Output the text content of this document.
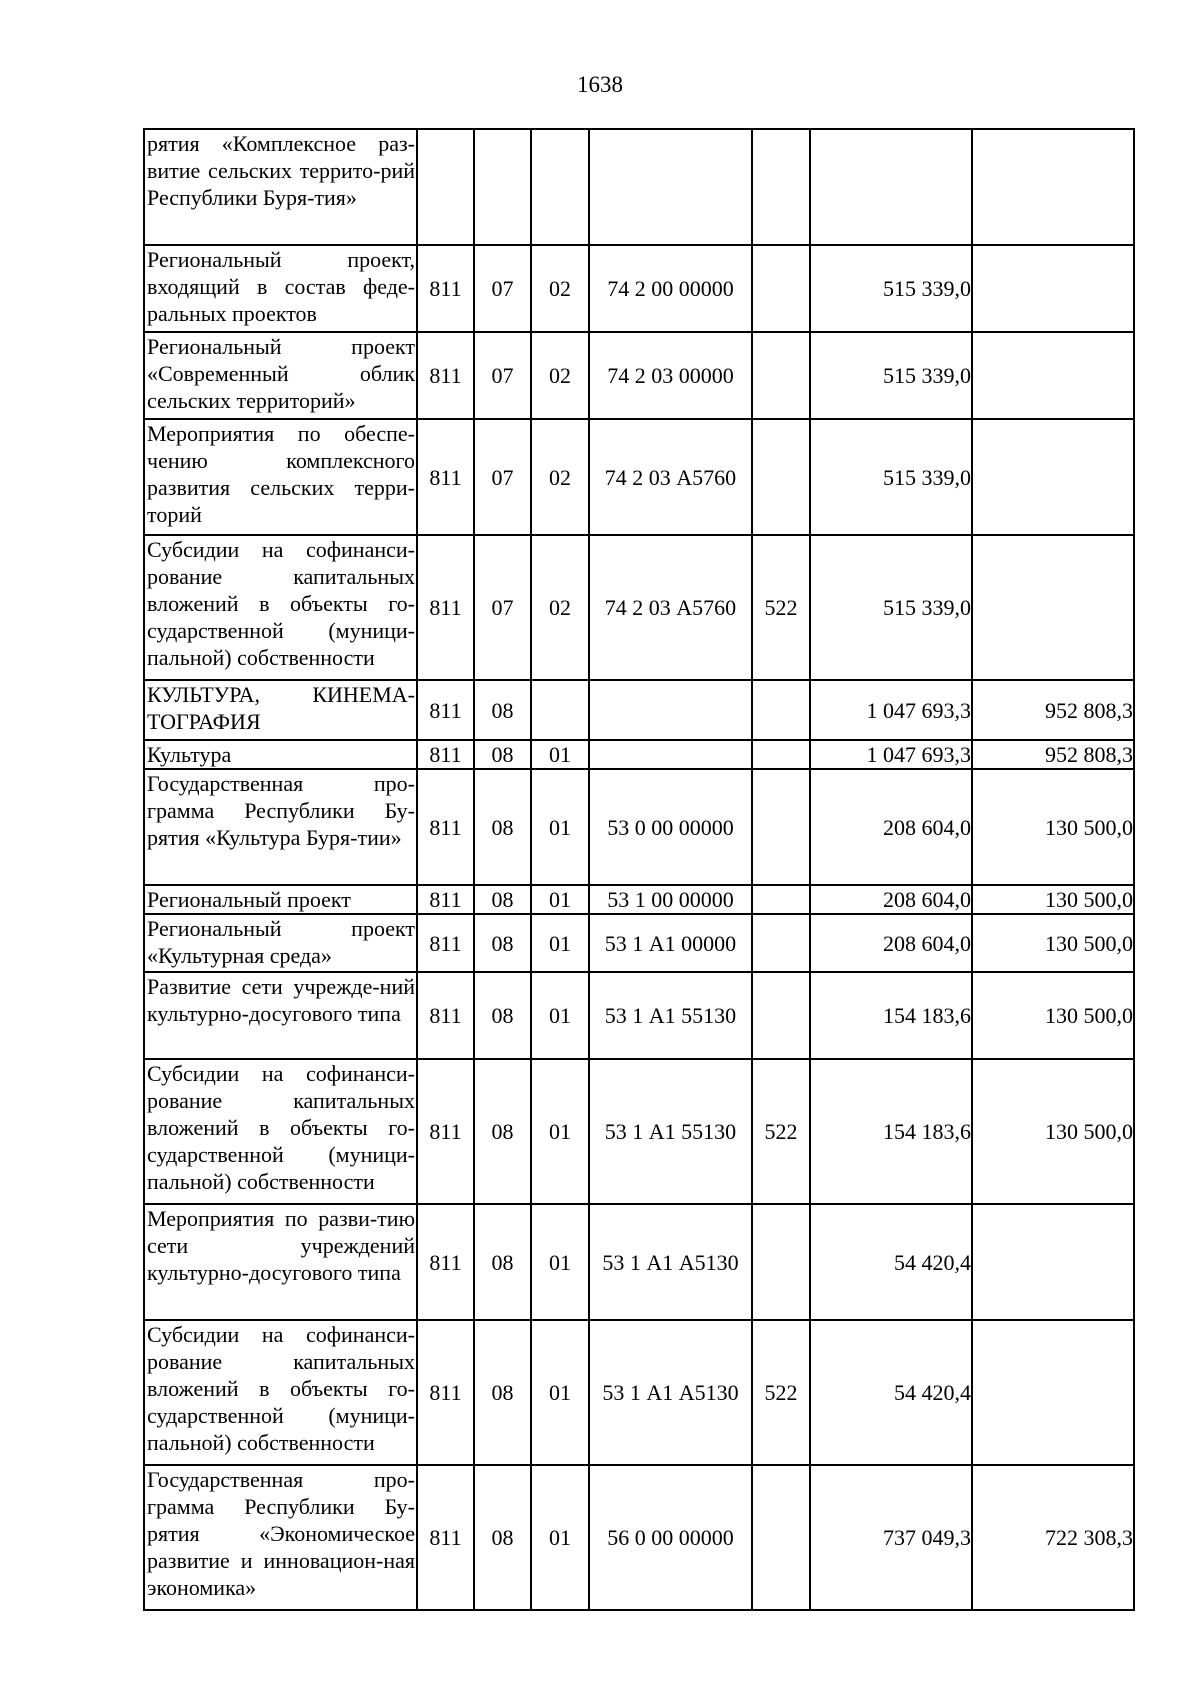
1638
рятия «Комплексное раз-витие сельских террито-рий Республики Буря-тия»							
Региональный проект, входящий в состав феде-ральных проектов	811	07	02	74 2 00 00000		515 339,0	
Региональный проект «Современный облик сельских территорий»	811	07	02	74 2 03 00000		515 339,0	
Мероприятия по обеспе-чению комплексного развития сельских терри-торий	811	07	02	74 2 03 А5760		515 339,0	
Субсидии на софинанси-рование капитальных вложений в объекты го-сударственной (муници-пальной) собственности	811	07	02	74 2 03 А5760	522	515 339,0	
КУЛЬТУРА, КИНЕМА-ТОГРАФИЯ	811	08				1 047 693,3	952 808,3
Культура	811	08	01			1 047 693,3	952 808,3
Государственная про-грамма Республики Бу-рятия «Культура Буря-тии»	811	08	01	53 0 00 00000		208 604,0	130 500,0
Региональный проект	811	08	01	53 1 00 00000		208 604,0	130 500,0
Региональный проект «Культурная среда»	811	08	01	53 1 А1 00000		208 604,0	130 500,0
Развитие сети учрежде-ний культурно-досугового типа	811	08	01	53 1 А1 55130		154 183,6	130 500,0
Субсидии на софинанси-рование капитальных вложений в объекты го-сударственной (муници-пальной) собственности	811	08	01	53 1 А1 55130	522	154 183,6	130 500,0
Мероприятия по разви-тию сети учреждений культурно-досугового типа	811	08	01	53 1 А1 А5130		54 420,4	
Субсидии на софинанси-рование капитальных вложений в объекты го-сударственной (муници-пальной) собственности	811	08	01	53 1 А1 А5130	522	54 420,4	
Государственная про-грамма Республики Бу-рятия «Экономическое развитие и инновацион-ная экономика»	811	08	01	56 0 00 00000		737 049,3	722 308,3
